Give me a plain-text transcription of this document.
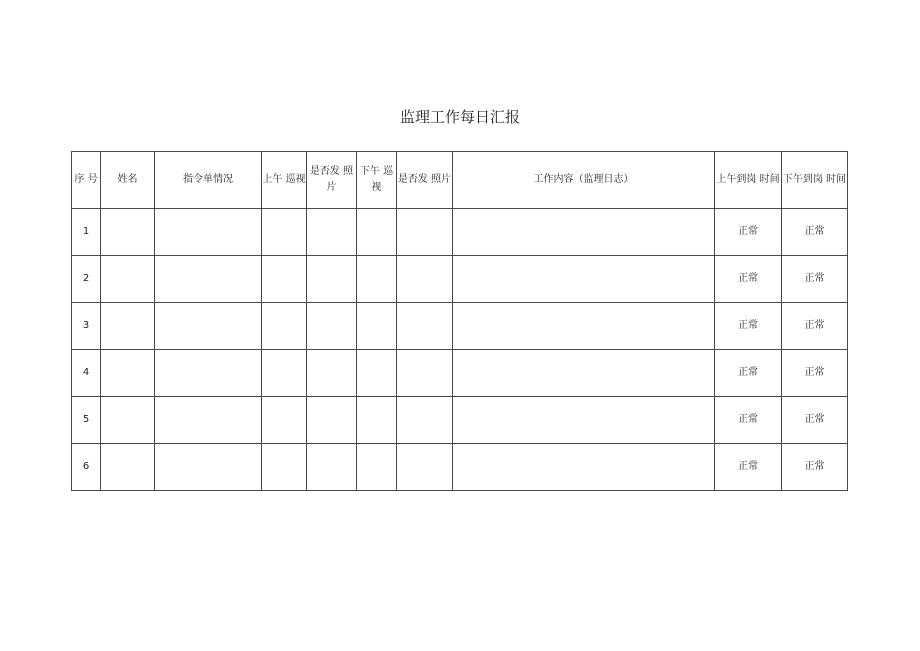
监理工作每日汇报
序 号	姓名	指令单情况	上午 巡视	是否发 照片	下午 巡视	是否发 照片	工作内容（监理日志）	上午到岗 时间	下午到岗 时间
1								正常	正常
2								正常	正常
3								正常	正常
4								正常	正常
5								正常	正常
6								正常	正常
